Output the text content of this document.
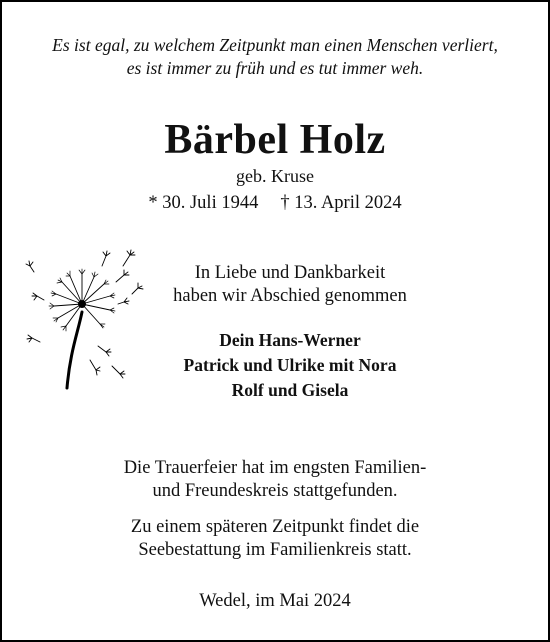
Es ist egal, zu welchem Zeitpunkt man einen Menschen verliert,
es ist immer zu früh und es tut immer weh.
Bärbel Holz
geb. Kruse
* 30. Juli 1944 † 13. April 2024
In Liebe und Dankbarkeit
haben wir Abschied genommen
Dein Hans-Werner
Patrick und Ulrike mit Nora
Rolf und Gisela
Die Trauerfeier hat im engsten Familien-
und Freundeskreis stattgefunden.
Zu einem späteren Zeitpunkt findet die
Seebestattung im Familienkreis statt.
Wedel, im Mai 2024
